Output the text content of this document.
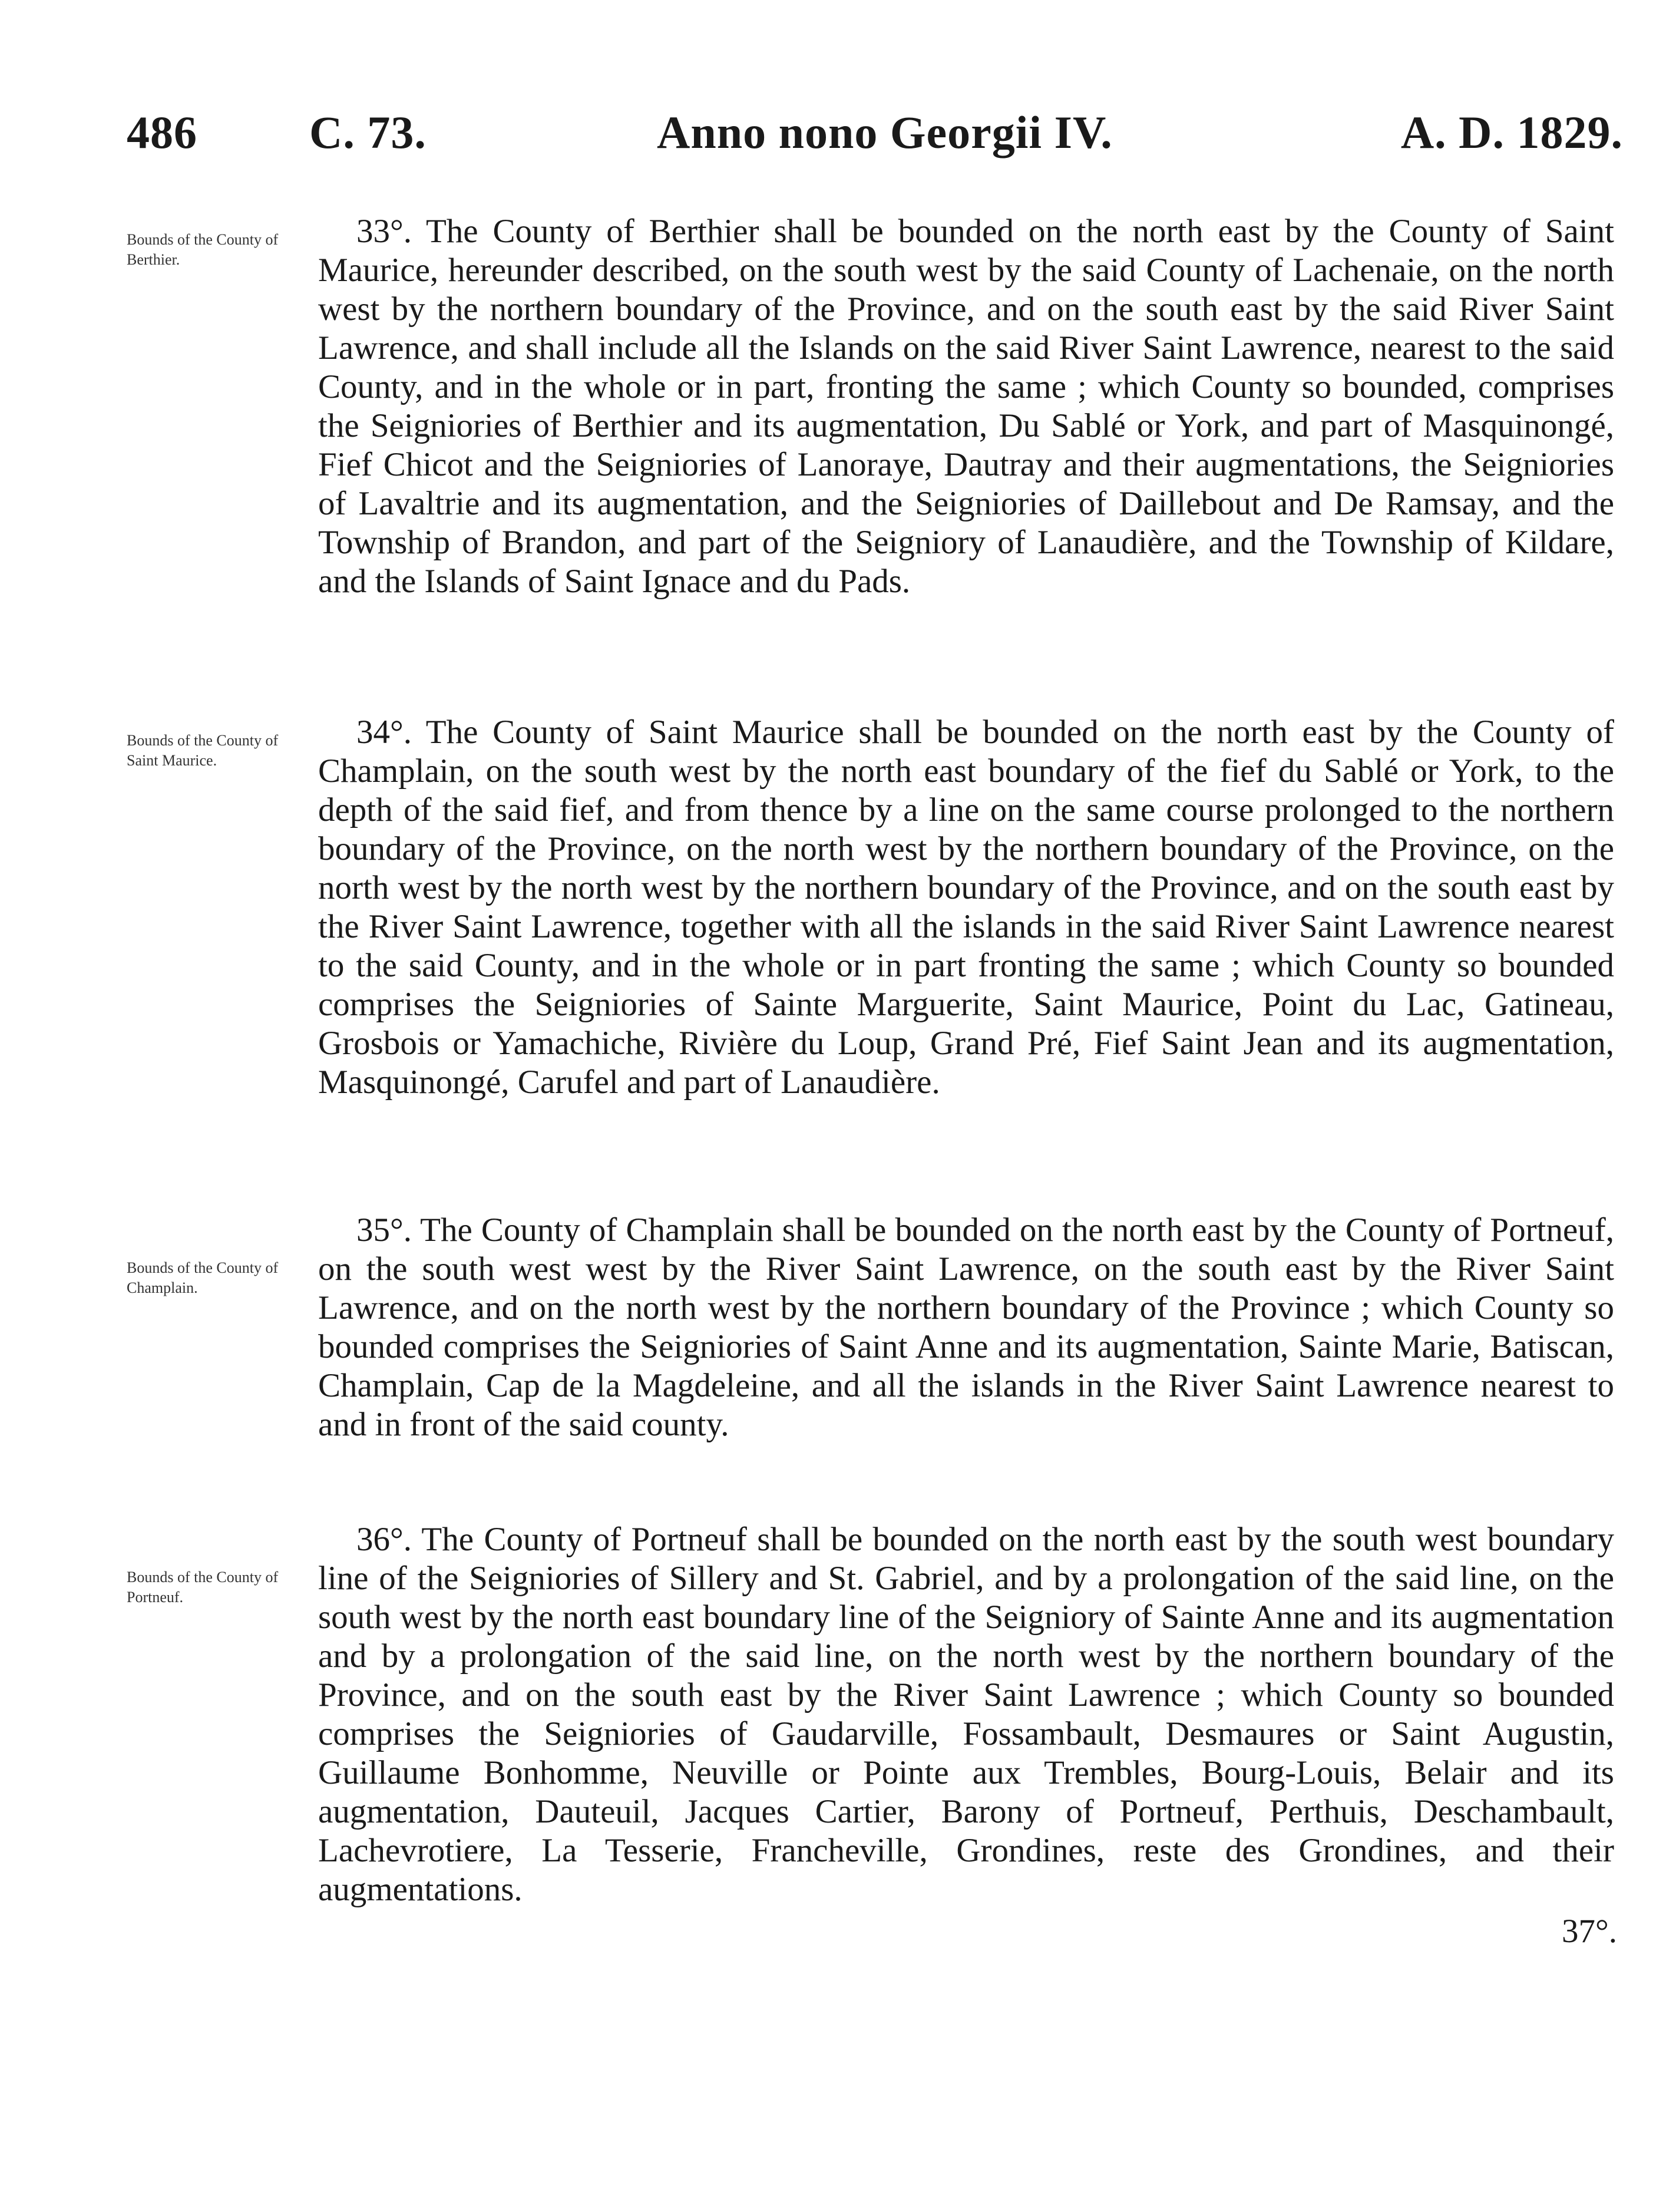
486 C. 73.	Anno nono Georgii IV.	A. D. 1829.
Bounds of the County of Berthier.
33°. The County of Berthier shall be bounded on the north east by the County of Saint Maurice, hereunder described, on the south west by the said County of Lachenaie, on the north west by the northern boundary of the Province, and on the south east by the said River Saint Lawrence, and shall include all the Islands on the said River Saint Lawrence, nearest to the said County, and in the whole or in part, fronting the same ; which County so bounded, comprises the Seigniories of Berthier and its augmentation, Du Sablé or York, and part of Masquinongé, Fief Chicot and the Seigniories of Lanoraye, Dautray and their augmentations, the Seigniories of Lavaltrie and its augmentation, and the Seigniories of Daillebout and De Ramsay, and the Township of Brandon, and part of the Seigniory of Lanaudière, and the Township of Kildare, and the Islands of Saint Ignace and du Pads.
Bounds of the County of Saint Maurice.
34°. The County of Saint Maurice shall be bounded on the north east by the County of Champlain, on the south west by the north east boundary of the fief du Sablé or York, to the depth of the said fief, and from thence by a line on the same course prolonged to the northern boundary of the Province, on the north west by the northern boundary of the Province, on the north west by the north west by the northern boundary of the Province, and on the south east by the River Saint Lawrence, together with all the islands in the said River Saint Lawrence nearest to the said County, and in the whole or in part fronting the same ; which County so bounded comprises the Seigniories of Sainte Marguerite, Saint Maurice, Point du Lac, Gatineau, Grosbois or Yamachiche, Rivière du Loup, Grand Pré, Fief Saint Jean and its augmentation, Masquinongé, Carufel and part of Lanaudière.
Bounds of the County of Champlain.
35°. The County of Champlain shall be bounded on the north east by the County of Portneuf, on the south west west by the River Saint Lawrence, on the south east by the River Saint Lawrence, and on the north west by the northern boundary of the Province ; which County so bounded comprises the Seigniories of Saint Anne and its augmentation, Sainte Marie, Batiscan, Champlain, Cap de la Magdeleine, and all the islands in the River Saint Lawrence nearest to and in front of the said county.
Bounds of the County of Portneuf.
36°. The County of Portneuf shall be bounded on the north east by the south west boundary line of the Seigniories of Sillery and St. Gabriel, and by a prolongation of the said line, on the south west by the north east boundary line of the Seigniory of Sainte Anne and its augmentation and by a prolongation of the said line, on the north west by the northern boundary of the Province, and on the south east by the River Saint Lawrence ; which County so bounded comprises the Seigniories of Gaudarville, Fossambault, Desmaures or Saint Augustin, Guillaume Bonhomme, Neuville or Pointe aux Trembles, Bourg-Louis, Belair and its augmentation, Dauteuil, Jacques Cartier, Barony of Portneuf, Perthuis, Deschambault, Lachevrotiere, La Tesserie, Francheville, Grondines, reste des Grondines, and their augmentations.
37°.
